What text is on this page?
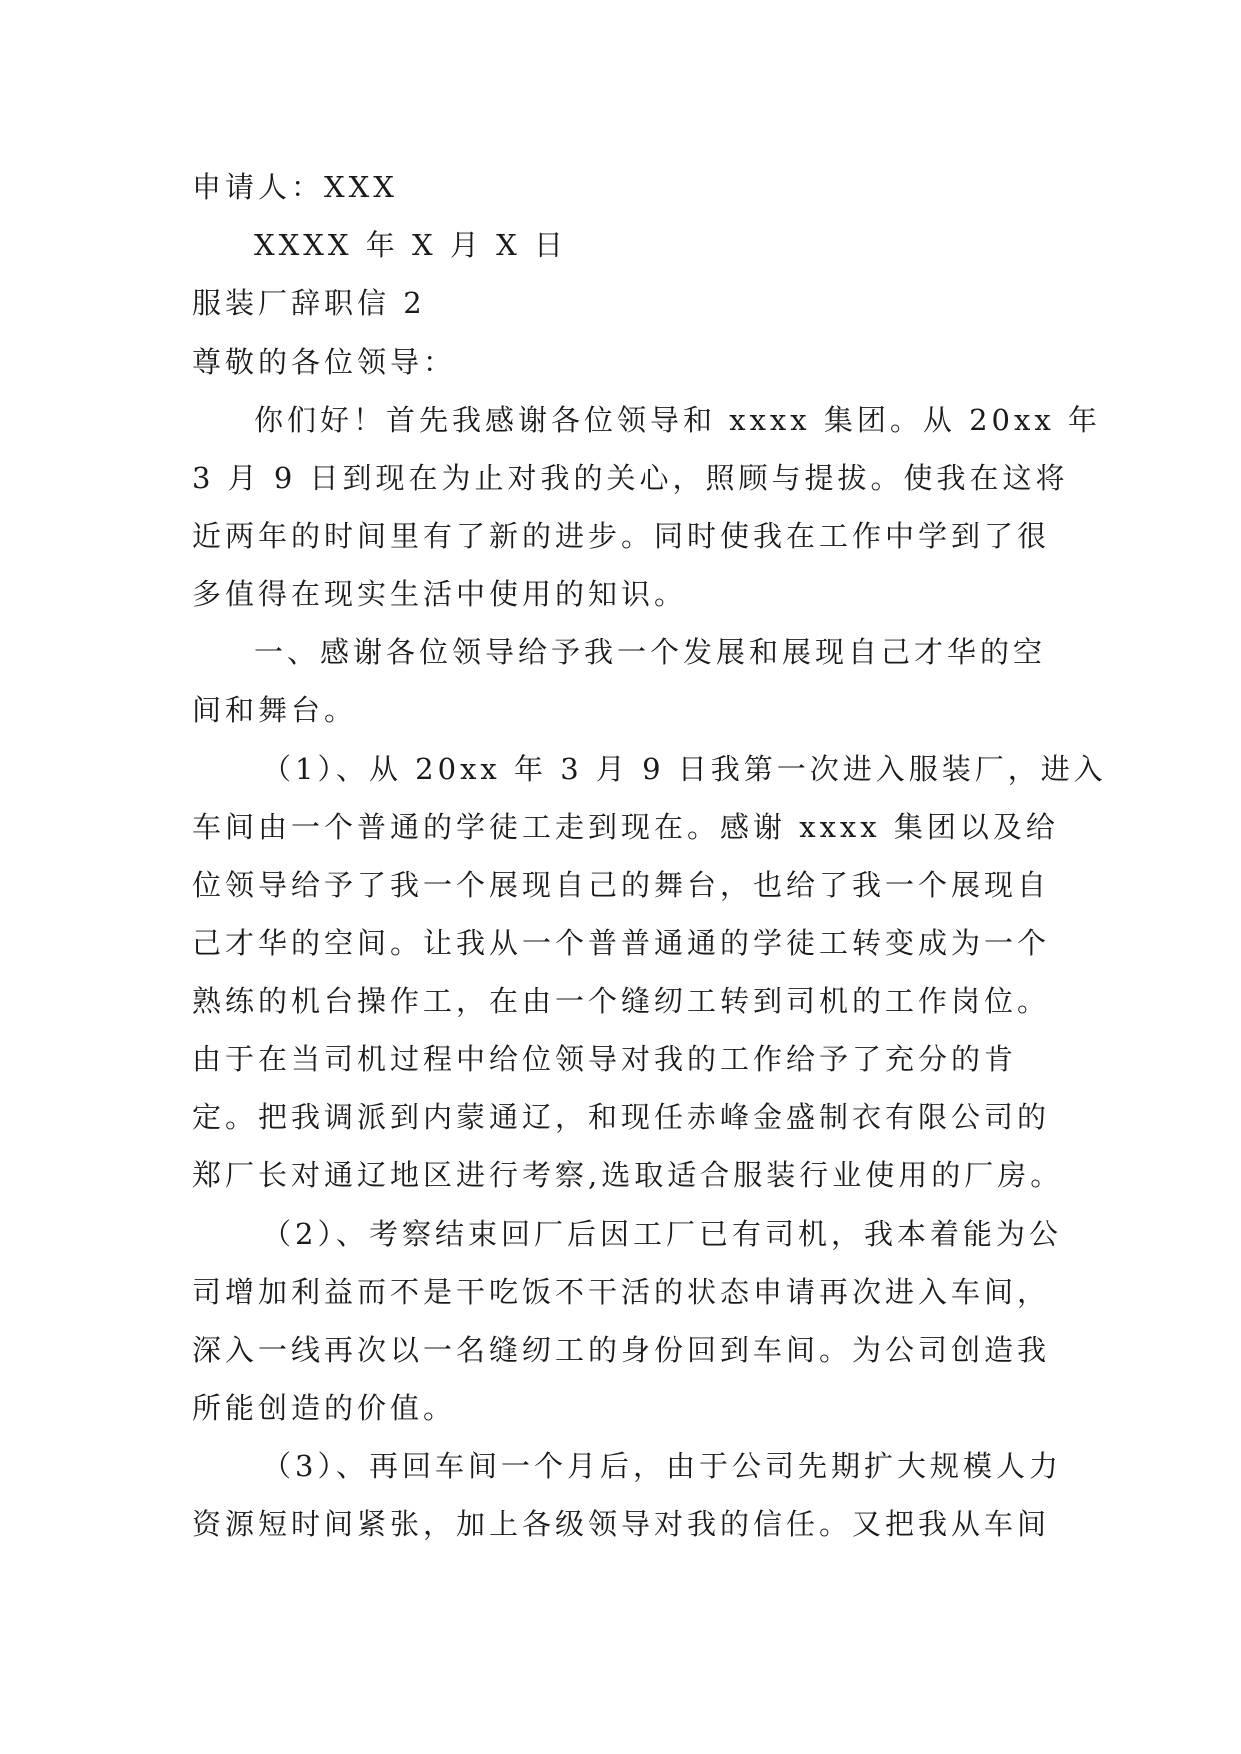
申请人：XXX
XXXX 年 X 月 X 日
服装厂辞职信 2
尊敬的各位领导：
你们好！首先我感谢各位领导和 xxxx 集团。从 20xx 年
3 月 9 日到现在为止对我的关心，照顾与提拔。使我在这将
近两年的时间里有了新的进步。同时使我在工作中学到了很
多值得在现实生活中使用的知识。
一、感谢各位领导给予我一个发展和展现自己才华的空
间和舞台。
（1）、从 20xx 年 3 月 9 日我第一次进入服装厂，进入
车间由一个普通的学徒工走到现在。感谢 xxxx 集团以及给
位领导给予了我一个展现自己的舞台，也给了我一个展现自
己才华的空间。让我从一个普普通通的学徒工转变成为一个
熟练的机台操作工，在由一个缝纫工转到司机的工作岗位。
由于在当司机过程中给位领导对我的工作给予了充分的肯
定。把我调派到内蒙通辽，和现任赤峰金盛制衣有限公司的
郑厂长对通辽地区进行考察,选取适合服装行业使用的厂房。
（2）、考察结束回厂后因工厂已有司机，我本着能为公
司增加利益而不是干吃饭不干活的状态申请再次进入车间，
深入一线再次以一名缝纫工的身份回到车间。为公司创造我
所能创造的价值。
（3）、再回车间一个月后，由于公司先期扩大规模人力
资源短时间紧张，加上各级领导对我的信任。又把我从车间
